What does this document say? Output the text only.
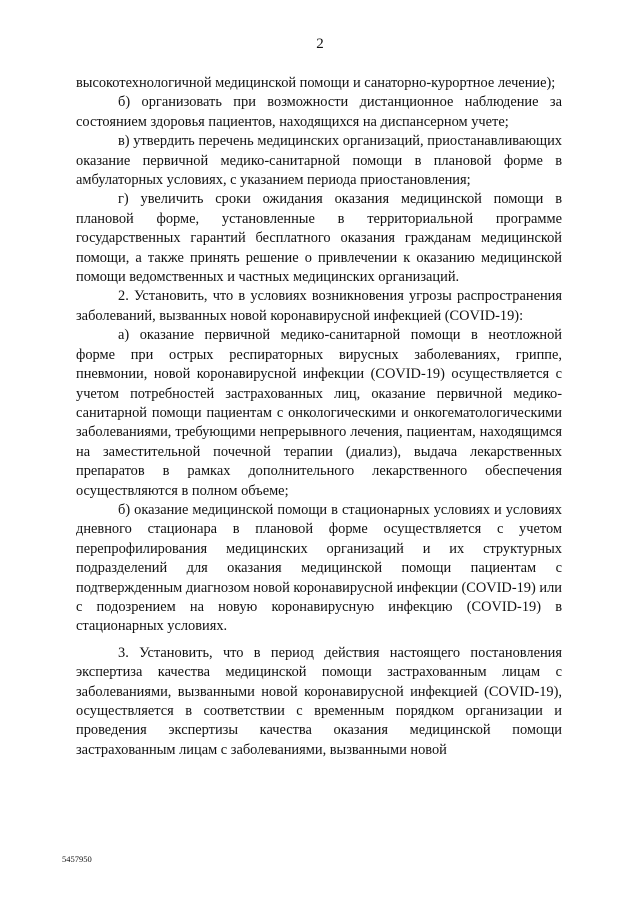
2

высокотехнологичной медицинской помощи и санаторно-курортное лечение);

б) организовать при возможности дистанционное наблюдение за состоянием здоровья пациентов, находящихся на диспансерном учете;

в) утвердить перечень медицинских организаций, приостанавливающих оказание первичной медико-санитарной помощи в плановой форме в амбулаторных условиях, с указанием периода приостановления;

г) увеличить сроки ожидания оказания медицинской помощи в плановой форме, установленные в территориальной программе государственных гарантий бесплатного оказания гражданам медицинской помощи, а также принять решение о привлечении к оказанию медицинской помощи ведомственных и частных медицинских организаций.

2. Установить, что в условиях возникновения угрозы распространения заболеваний, вызванных новой коронавирусной инфекцией (COVID-19):

а) оказание первичной медико-санитарной помощи в неотложной форме при острых респираторных вирусных заболеваниях, гриппе, пневмонии, новой коронавирусной инфекции (COVID-19) осуществляется с учетом потребностей застрахованных лиц, оказание первичной медико-санитарной помощи пациентам с онкологическими и онкогематологическими заболеваниями, требующими непрерывного лечения, пациентам, находящимся на заместительной почечной терапии (диализ), выдача лекарственных препаратов в рамках дополнительного лекарственного обеспечения осуществляются в полном объеме;

б) оказание медицинской помощи в стационарных условиях и условиях дневного стационара в плановой форме осуществляется с учетом перепрофилирования медицинских организаций и их структурных подразделений для оказания медицинской помощи пациентам с подтвержденным диагнозом новой коронавирусной инфекции (COVID-19) или с подозрением на новую коронавирусную инфекцию (COVID-19) в стационарных условиях.

3. Установить, что в период действия настоящего постановления экспертиза качества медицинской помощи застрахованным лицам с заболеваниями, вызванными новой коронавирусной инфекцией (COVID-19), осуществляется в соответствии с временным порядком организации и проведения экспертизы качества оказания медицинской помощи застрахованным лицам с заболеваниями, вызванными новой

5457950
